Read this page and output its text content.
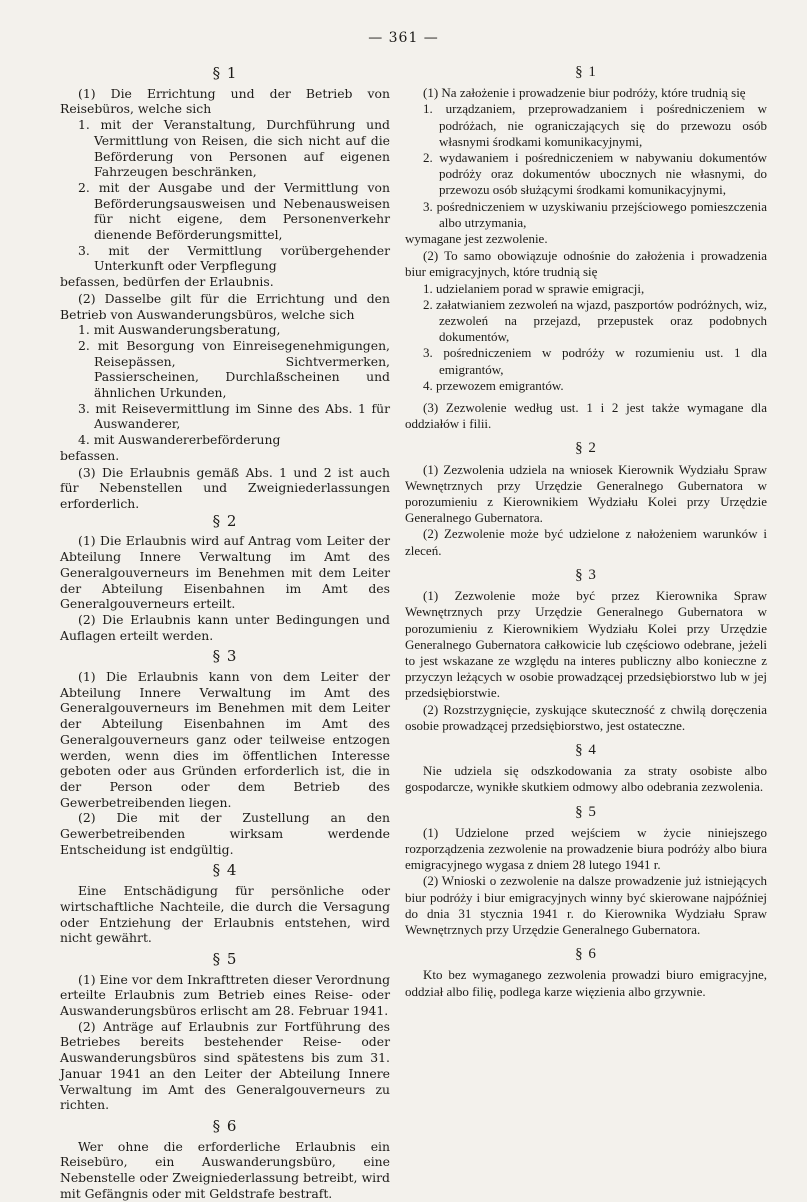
— 361 —
§ 1

(1) Die Errichtung und der Betrieb von Reisebüros, welche sich

1. mit der Veranstaltung, Durchführung und Vermittlung von Reisen, die sich nicht auf die Beförderung von Personen auf eigenen Fahrzeugen beschränken,

2. mit der Ausgabe und der Vermittlung von Beförderungsausweisen und Nebenausweisen für nicht eigene, dem Personenverkehr dienende Beförderungsmittel,

3. mit der Vermittlung vorübergehender Unterkunft oder Verpflegung

befassen, bedürfen der Erlaubnis.

(2) Dasselbe gilt für die Errichtung und den Betrieb von Auswanderungsbüros, welche sich

1. mit Auswanderungsberatung,

2. mit Besorgung von Einreisegenehmigungen, Reisepässen, Sichtvermerken, Passierscheinen, Durchlaßscheinen und ähnlichen Urkunden,

3. mit Reisevermittlung im Sinne des Abs. 1 für Auswanderer,

4. mit Auswandererbeförderung

befassen.

(3) Die Erlaubnis gemäß Abs. 1 und 2 ist auch für Nebenstellen und Zweigniederlassungen erforderlich.

§ 2

(1) Die Erlaubnis wird auf Antrag vom Leiter der Abteilung Innere Verwaltung im Amt des Generalgouverneurs im Benehmen mit dem Leiter der Abteilung Eisenbahnen im Amt des Generalgouverneurs erteilt.

(2) Die Erlaubnis kann unter Bedingungen und Auflagen erteilt werden.

§ 3

(1) Die Erlaubnis kann von dem Leiter der Abteilung Innere Verwaltung im Amt des Generalgouverneurs im Benehmen mit dem Leiter der Abteilung Eisenbahnen im Amt des Generalgouverneurs ganz oder teilweise entzogen werden, wenn dies im öffentlichen Interesse geboten oder aus Gründen erforderlich ist, die in der Person oder dem Betrieb des Gewerbetreibenden liegen.

(2) Die mit der Zustellung an den Gewerbetreibenden wirksam werdende Entscheidung ist endgültig.

§ 4

Eine Entschädigung für persönliche oder wirtschaftliche Nachteile, die durch die Versagung oder Entziehung der Erlaubnis entstehen, wird nicht gewährt.

§ 5

(1) Eine vor dem Inkrafttreten dieser Verordnung erteilte Erlaubnis zum Betrieb eines Reise- oder Auswanderungsbüros erlischt am 28. Februar 1941.

(2) Anträge auf Erlaubnis zur Fortführung des Betriebes bereits bestehender Reise- oder Auswanderungsbüros sind spätestens bis zum 31. Januar 1941 an den Leiter der Abteilung Innere Verwaltung im Amt des Generalgouverneurs zu richten.

§ 6

Wer ohne die erforderliche Erlaubnis ein Reisebüro, ein Auswanderungsbüro, eine Nebenstelle oder Zweigniederlassung betreibt, wird mit Gefängnis oder mit Geldstrafe bestraft.

§ 1

(1) Na założenie i prowadzenie biur podróży, które trudnią się

1. urządzaniem, przeprowadzaniem i pośredniczeniem w podróżach, nie ograniczających się do przewozu osób własnymi środkami komunikacyjnymi,

2. wydawaniem i pośredniczeniem w nabywaniu dokumentów podróży oraz dokumentów ubocznych nie własnymi, do przewozu osób służącymi środkami komunikacyjnymi,

3. pośredniczeniem w uzyskiwaniu przejściowego pomieszczenia albo utrzymania,

wymagane jest zezwolenie.

(2) To samo obowiązuje odnośnie do założenia i prowadzenia biur emigracyjnych, które trudnią się

1. udzielaniem porad w sprawie emigracji,

2. załatwianiem zezwoleń na wjazd, paszportów podróżnych, wiz, zezwoleń na przejazd, przepustek oraz podobnych dokumentów,

3. pośredniczeniem w podróży w rozumieniu ust. 1 dla emigrantów,

4. przewozem emigrantów.

(3) Zezwolenie według ust. 1 i 2 jest także wymagane dla oddziałów i filii.

§ 2

(1) Zezwolenia udziela na wniosek Kierownik Wydziału Spraw Wewnętrznych przy Urzędzie Generalnego Gubernatora w porozumieniu z Kierownikiem Wydziału Kolei przy Urzędzie Generalnego Gubernatora.

(2) Zezwolenie może być udzielone z nałożeniem warunków i zleceń.

§ 3

(1) Zezwolenie może być przez Kierownika Spraw Wewnętrznych przy Urzędzie Generalnego Gubernatora w porozumieniu z Kierownikiem Wydziału Kolei przy Urzędzie Generalnego Gubernatora całkowicie lub częściowo odebrane, jeżeli to jest wskazane ze względu na interes publiczny albo konieczne z przyczyn leżących w osobie prowadzącej przedsiębiorstwo lub w jej przedsiębiorstwie.

(2) Rozstrzygnięcie, zyskujące skuteczność z chwilą doręczenia osobie prowadzącej przedsiębiorstwo, jest ostateczne.

§ 4

Nie udziela się odszkodowania za straty osobiste albo gospodarcze, wynikłe skutkiem odmowy albo odebrania zezwolenia.

§ 5

(1) Udzielone przed wejściem w życie niniejszego rozporządzenia zezwolenie na prowadzenie biura podróży albo biura emigracyjnego wygasa z dniem 28 lutego 1941 r.

(2) Wnioski o zezwolenie na dalsze prowadzenie już istniejących biur podróży i biur emigracyjnych winny być skierowane najpóźniej do dnia 31 stycznia 1941 r. do Kierownika Wydziału Spraw Wewnętrznych przy Urzędzie Generalnego Gubernatora.

§ 6

Kto bez wymaganego zezwolenia prowadzi biuro emigracyjne, oddział albo filię, podlega karze więzienia albo grzywnie.
